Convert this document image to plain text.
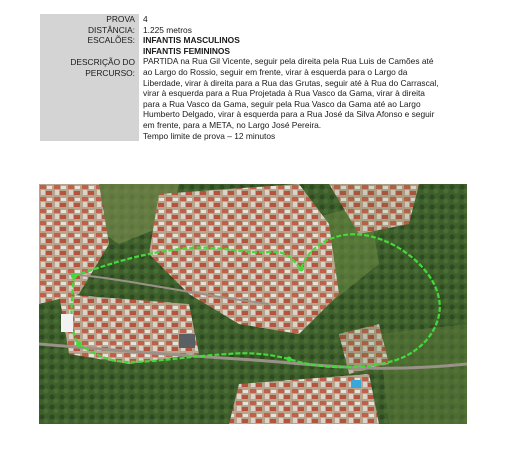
PROVA 4
DISTÂNCIA: 1.225 metros
ESCALÕES: INFANTIS MASCULINOS

INFANTIS FEMININOS
DESCRIÇÃO DO
PERCURSO:
PARTIDA na Rua Gil Vicente, seguir pela direita pela Rua Luis de Camões até
ao Largo do Rossio, seguir em frente, virar à esquerda para o Largo da
Liberdade, virar à direita para a Rua das Grutas, seguir até à Rua do Carrascal,
virar à esquerda para a Rua Projetada à Rua Vasco da Gama, virar à direita
para a Rua Vasco da Gama, seguir pela Rua Vasco da Gama até ao Largo
Humberto Delgado, virar à esquerda para a Rua José da Silva Afonso e seguir
em frente, para a META, no Largo José Pereira.
Tempo limite de prova – 12 minutos
